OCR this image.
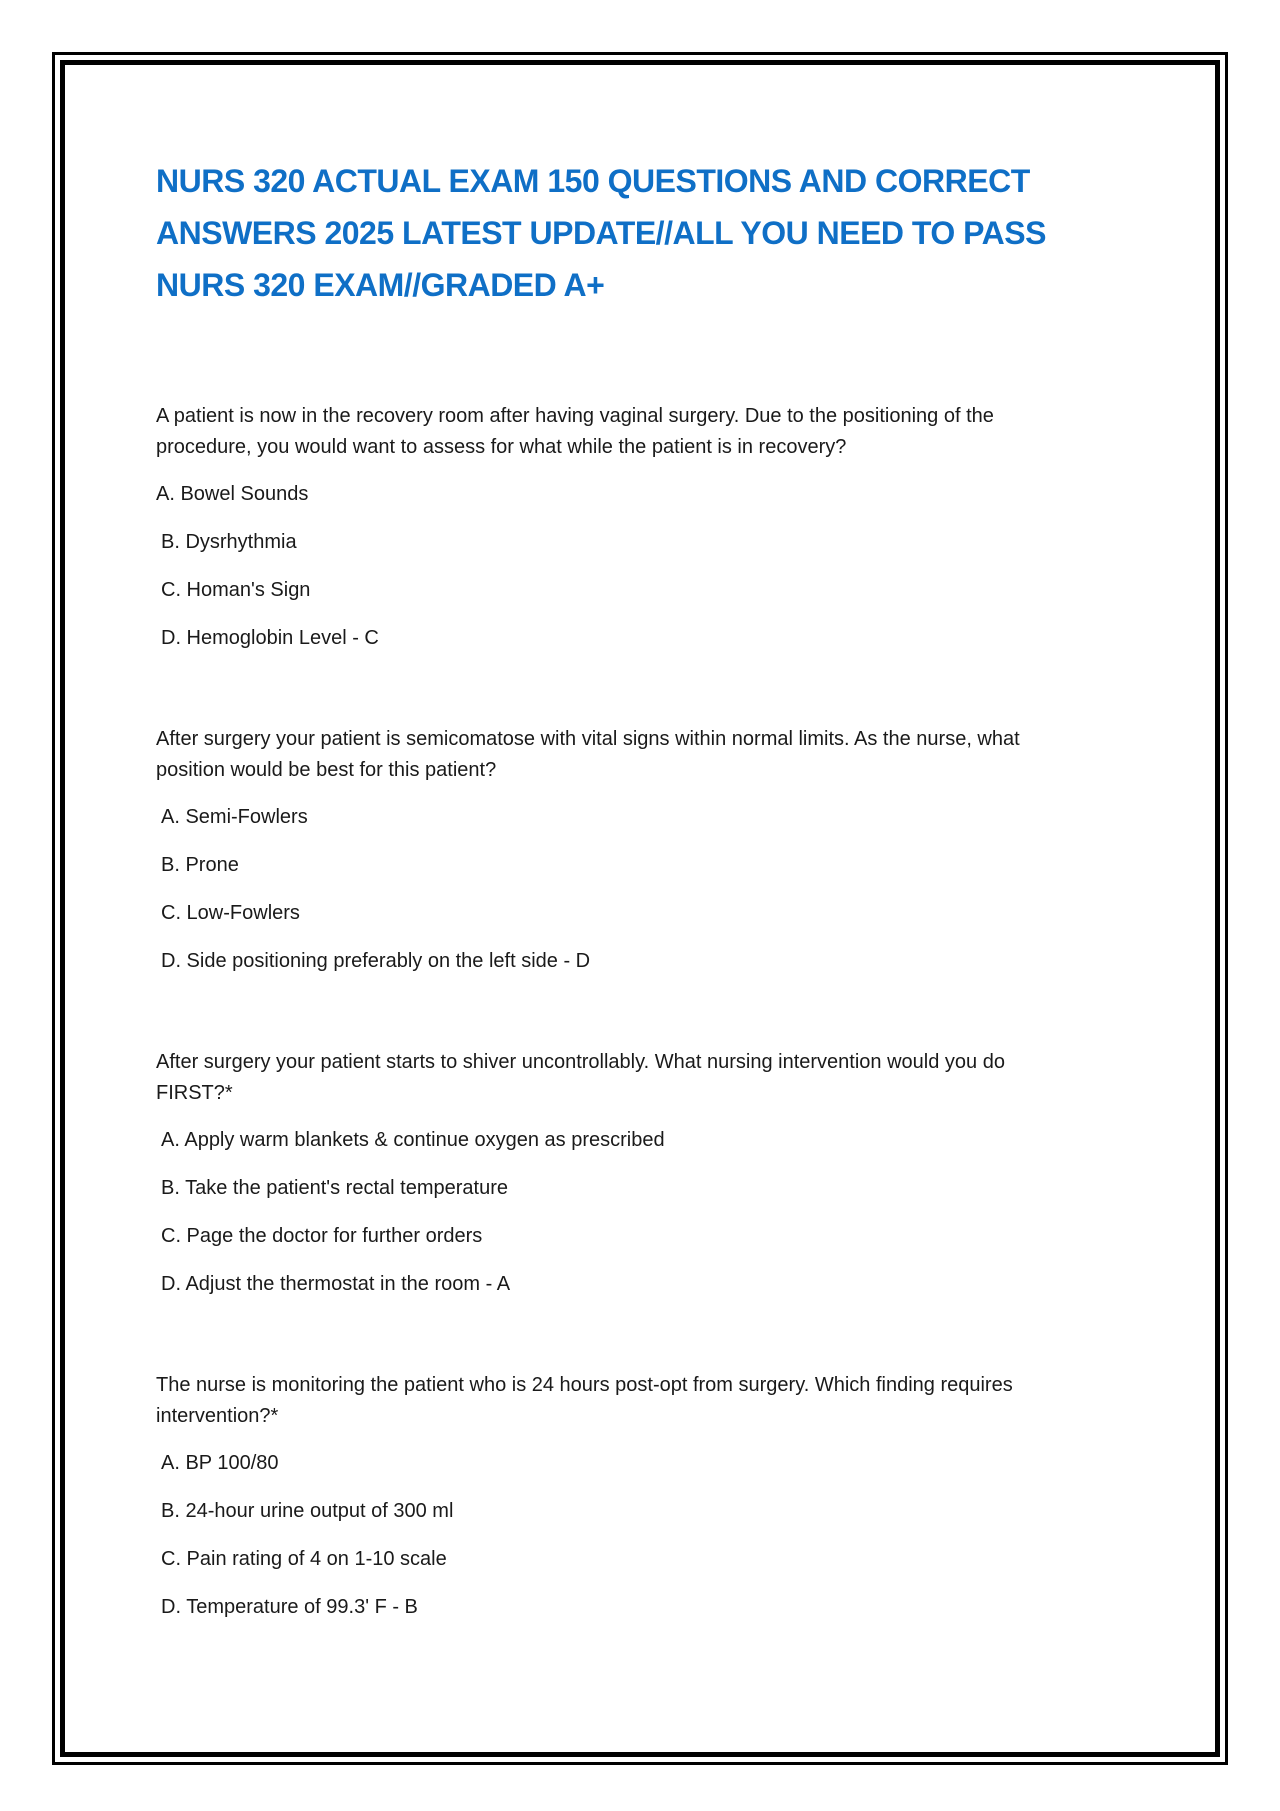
NURS 320 ACTUAL EXAM 150 QUESTIONS AND CORRECT
ANSWERS 2025 LATEST UPDATE//ALL YOU NEED TO PASS
NURS 320 EXAM//GRADED A+

A patient is now in the recovery room after having vaginal surgery. Due to the positioning of the
procedure, you would want to assess for what while the patient is in recovery?

A. Bowel Sounds
B. Dysrhythmia
C. Homan's Sign
D. Hemoglobin Level - C

After surgery your patient is semicomatose with vital signs within normal limits. As the nurse, what
position would be best for this patient?

A. Semi-Fowlers
B. Prone
C. Low-Fowlers
D. Side positioning preferably on the left side - D

After surgery your patient starts to shiver uncontrollably. What nursing intervention would you do
FIRST?*

A. Apply warm blankets & continue oxygen as prescribed
B. Take the patient's rectal temperature
C. Page the doctor for further orders
D. Adjust the thermostat in the room - A

The nurse is monitoring the patient who is 24 hours post-opt from surgery. Which finding requires
intervention?*

A. BP 100/80
B. 24-hour urine output of 300 ml
C. Pain rating of 4 on 1-10 scale
D. Temperature of 99.3' F - B
